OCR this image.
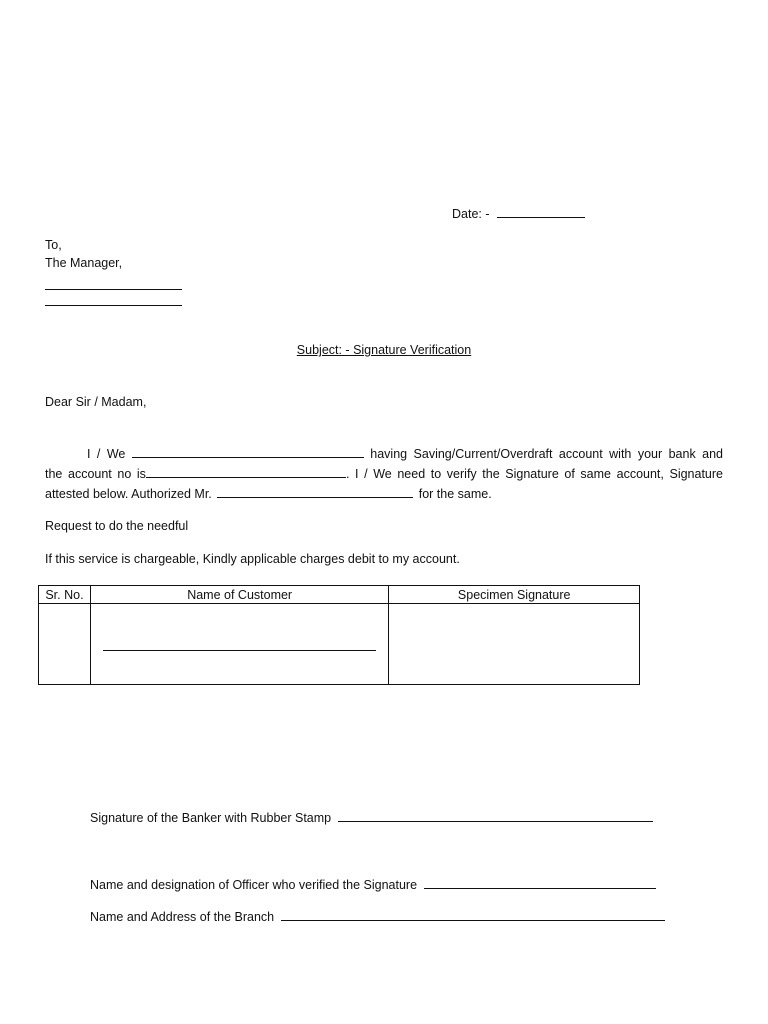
Date: -
To,
The Manager,
Subject: - Signature Verification
Dear Sir / Madam,
I / We	having Saving/Current/Overdraft account with your bank and
the account no is	. I / We need to verify the Signature of same account, Signature
attested below. Authorized Mr.	for the same.
Request to do the needful
If this service is chargeable, Kindly applicable charges debit to my account.
Sr. No.	Name of Customer	Specimen Signature

Signature of the Banker with Rubber Stamp
Name and designation of Officer who verified the Signature
Name and Address of the Branch
